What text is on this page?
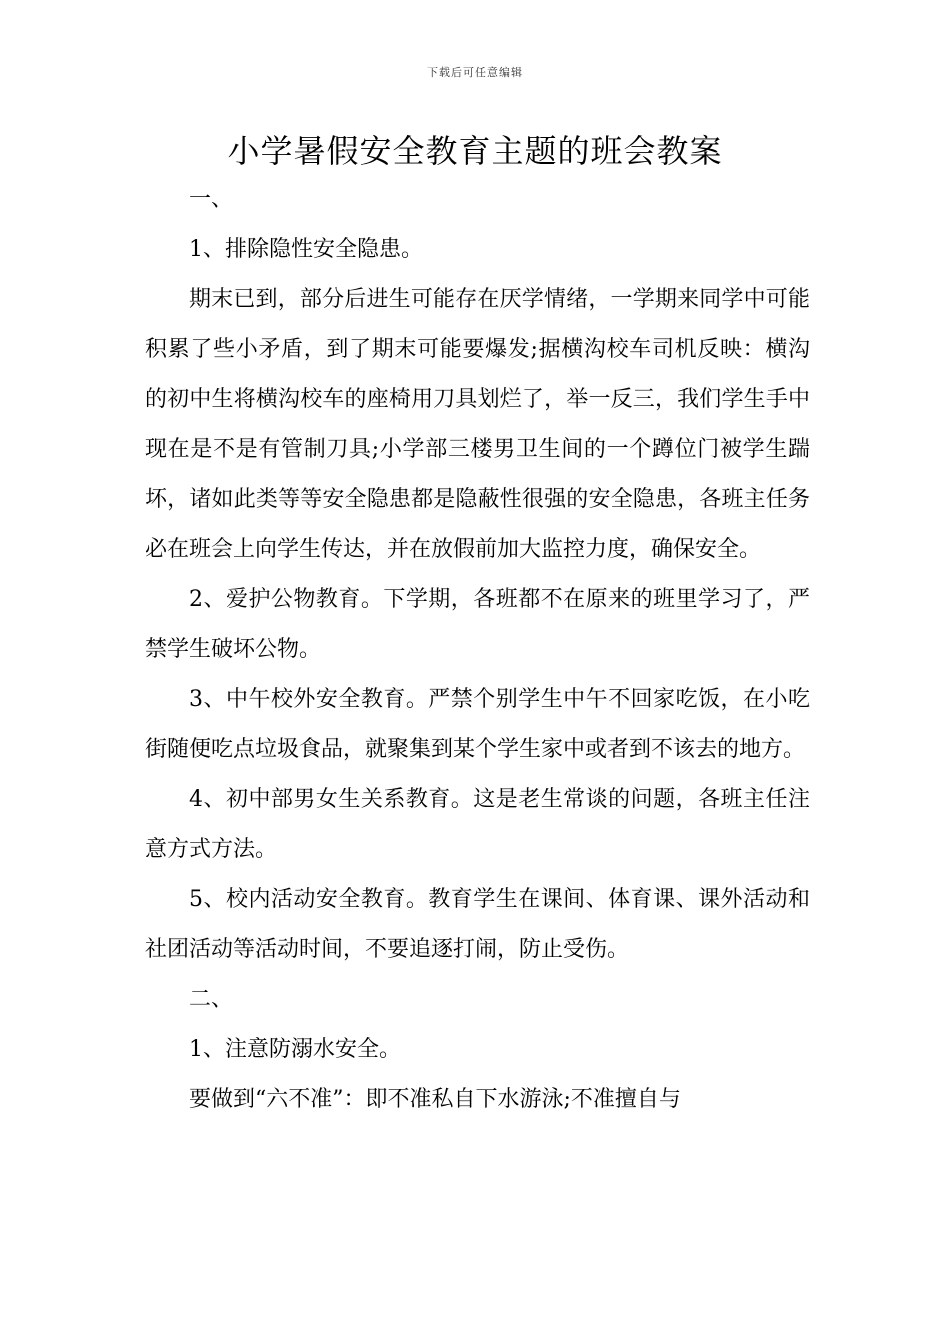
下载后可任意编辑
小学暑假安全教育主题的班会教案

一、

1、排除隐性安全隐患。

期末已到，部分后进生可能存在厌学情绪，一学期来同学中可能积累了些小矛盾，到了期末可能要爆发;据横沟校车司机反映：横沟的初中生将横沟校车的座椅用刀具划烂了，举一反三，我们学生手中现在是不是有管制刀具;小学部三楼男卫生间的一个蹲位门被学生踹坏，诸如此类等等安全隐患都是隐蔽性很强的安全隐患，各班主任务必在班会上向学生传达，并在放假前加大监控力度，确保安全。

2、爱护公物教育。下学期，各班都不在原来的班里学习了，严禁学生破坏公物。

3、中午校外安全教育。严禁个别学生中午不回家吃饭，在小吃街随便吃点垃圾食品，就聚集到某个学生家中或者到不该去的地方。

4、初中部男女生关系教育。这是老生常谈的问题，各班主任注意方式方法。

5、校内活动安全教育。教育学生在课间、体育课、课外活动和社团活动等活动时间，不要追逐打闹，防止受伤。

二、

1、注意防溺水安全。

要做到“六不准”：即不准私自下水游泳;不准擅自与
